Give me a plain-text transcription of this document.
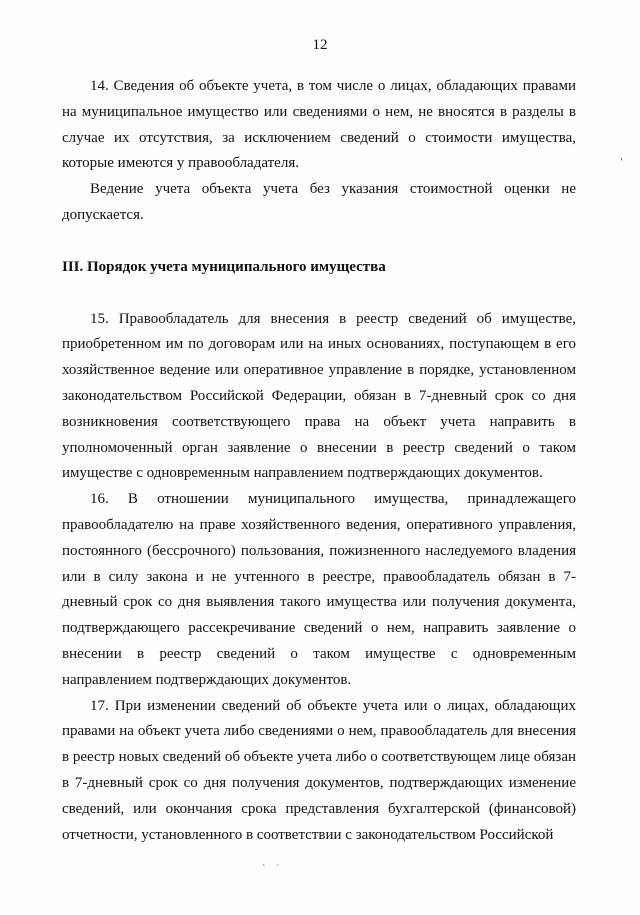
12

14. Сведения об объекте учета, в том числе о лицах, обладающих правами на муниципальное имущество или сведениями о нем, не вносятся в разделы в случае их отсутствия, за исключением сведений о стоимости имущества, которые имеются у правообладателя.

Ведение учета объекта учета без указания стоимостной оценки не допускается.

III. Порядок учета муниципального имущества

15. Правообладатель для внесения в реестр сведений об имуществе, приобретенном им по договорам или на иных основаниях, поступающем в его хозяйственное ведение или оперативное управление в порядке, установленном законодательством Российской Федерации, обязан в 7-дневный срок со дня возникновения соответствующего права на объект учета направить в уполномоченный орган заявление о внесении в реестр сведений о таком имуществе с одновременным направлением подтверждающих документов.

16. В отношении муниципального имущества, принадлежащего правообладателю на праве хозяйственного ведения, оперативного управления, постоянного (бессрочного) пользования, пожизненного наследуемого владения или в силу закона и не учтенного в реестре, правообладатель обязан в 7-дневный срок со дня выявления такого имущества или получения документа, подтверждающего рассекречивание сведений о нем, направить заявление о внесении в реестр сведений о таком имуществе с одновременным направлением подтверждающих документов.

17. При изменении сведений об объекте учета или о лицах, обладающих правами на объект учета либо сведениями о нем, правообладатель для внесения в реестр новых сведений об объекте учета либо о соответствующем лице обязан в 7-дневный срок со дня получения документов, подтверждающих изменение сведений, или окончания срока представления бухгалтерской (финансовой) отчетности, установленного в соответствии с законодательством Российской

ʻ
` ˋ
